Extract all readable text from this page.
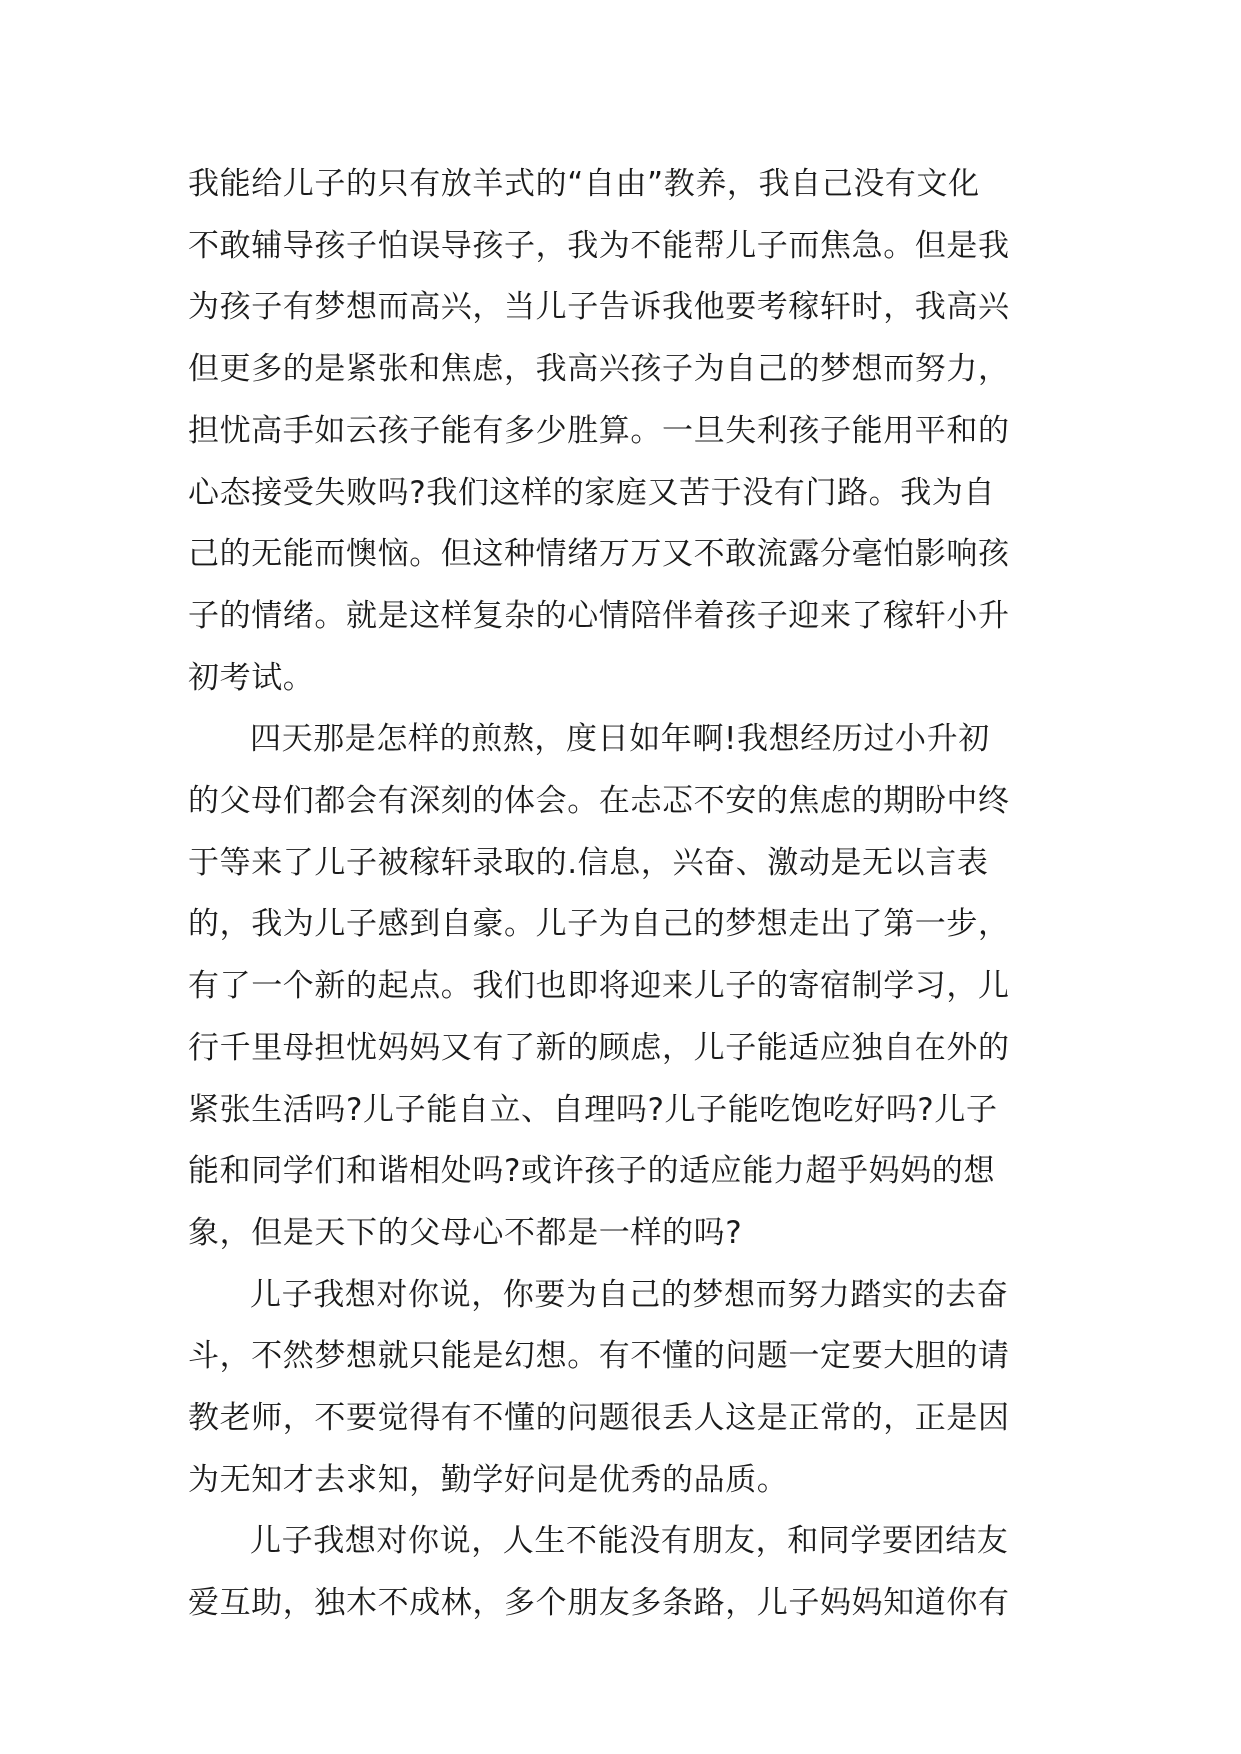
我能给儿子的只有放羊式的“自由”教养，我自己没有文化
不敢辅导孩子怕误导孩子，我为不能帮儿子而焦急。但是我
为孩子有梦想而高兴，当儿子告诉我他要考稼轩时，我高兴
但更多的是紧张和焦虑，我高兴孩子为自己的梦想而努力，
担忧高手如云孩子能有多少胜算。一旦失利孩子能用平和的
心态接受失败吗?我们这样的家庭又苦于没有门路。我为自
己的无能而懊恼。但这种情绪万万又不敢流露分毫怕影响孩
子的情绪。就是这样复杂的心情陪伴着孩子迎来了稼轩小升
初考试。
四天那是怎样的煎熬，度日如年啊!我想经历过小升初
的父母们都会有深刻的体会。在忐忑不安的焦虑的期盼中终
于等来了儿子被稼轩录取的.信息，兴奋、激动是无以言表
的，我为儿子感到自豪。儿子为自己的梦想走出了第一步，
有了一个新的起点。我们也即将迎来儿子的寄宿制学习，儿
行千里母担忧妈妈又有了新的顾虑，儿子能适应独自在外的
紧张生活吗?儿子能自立、自理吗?儿子能吃饱吃好吗?儿子
能和同学们和谐相处吗?或许孩子的适应能力超乎妈妈的想
象，但是天下的父母心不都是一样的吗?
儿子我想对你说，你要为自己的梦想而努力踏实的去奋
斗，不然梦想就只能是幻想。有不懂的问题一定要大胆的请
教老师，不要觉得有不懂的问题很丢人这是正常的，正是因
为无知才去求知，勤学好问是优秀的品质。
儿子我想对你说，人生不能没有朋友，和同学要团结友
爱互助，独木不成林，多个朋友多条路，儿子妈妈知道你有
